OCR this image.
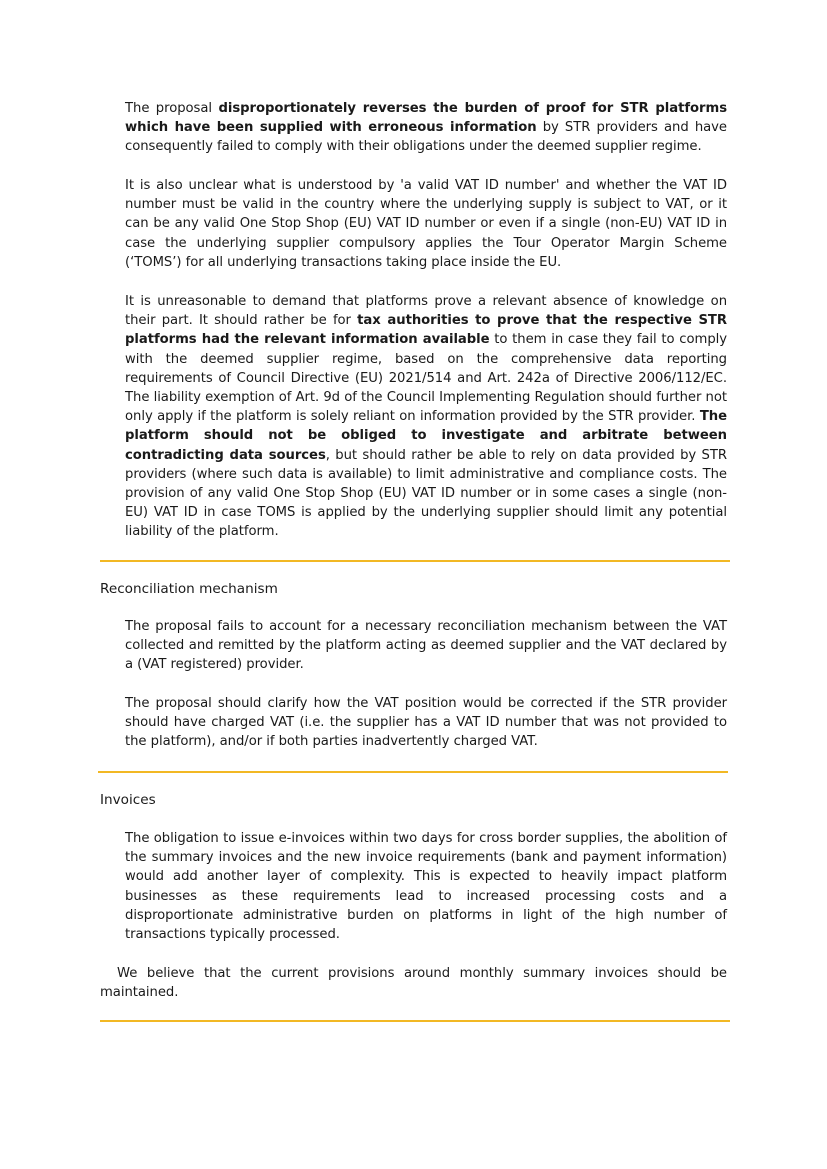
The proposal disproportionately reverses the burden of proof for STR platforms which have been supplied with erroneous information by STR providers and have consequently failed to comply with their obligations under the deemed supplier regime.

It is also unclear what is understood by 'a valid VAT ID number' and whether the VAT ID number must be valid in the country where the underlying supply is subject to VAT, or it can be any valid One Stop Shop (EU) VAT ID number or even if a single (non-EU) VAT ID in case the underlying supplier compulsory applies the Tour Operator Margin Scheme (‘TOMS’) for all underlying transactions taking place inside the EU.

It is unreasonable to demand that platforms prove a relevant absence of knowledge on their part. It should rather be for tax authorities to prove that the respective STR platforms had the relevant information available to them in case they fail to comply with the deemed supplier regime, based on the comprehensive data reporting requirements of Council Directive (EU) 2021/514 and Art. 242a of Directive 2006/112/EC. The liability exemption of Art. 9d of the Council Implementing Regulation should further not only apply if the platform is solely reliant on information provided by the STR provider. The platform should not be obliged to investigate and arbitrate between contradicting data sources, but should rather be able to rely on data provided by STR providers (where such data is available) to limit administrative and compliance costs. The provision of any valid One Stop Shop (EU) VAT ID number or in some cases a single (non-EU) VAT ID in case TOMS is applied by the underlying supplier should limit any potential liability of the platform.

Reconciliation mechanism

The proposal fails to account for a necessary reconciliation mechanism between the VAT collected and remitted by the platform acting as deemed supplier and the VAT declared by a (VAT registered) provider.

The proposal should clarify how the VAT position would be corrected if the STR provider should have charged VAT (i.e. the supplier has a VAT ID number that was not provided to the platform), and/or if both parties inadvertently charged VAT.

Invoices

The obligation to issue e-invoices within two days for cross border supplies, the abolition of the summary invoices and the new invoice requirements (bank and payment information) would add another layer of complexity. This is expected to heavily impact platform businesses as these requirements lead to increased processing costs and a disproportionate administrative burden on platforms in light of the high number of transactions typically processed.

We believe that the current provisions around monthly summary invoices should be maintained.
